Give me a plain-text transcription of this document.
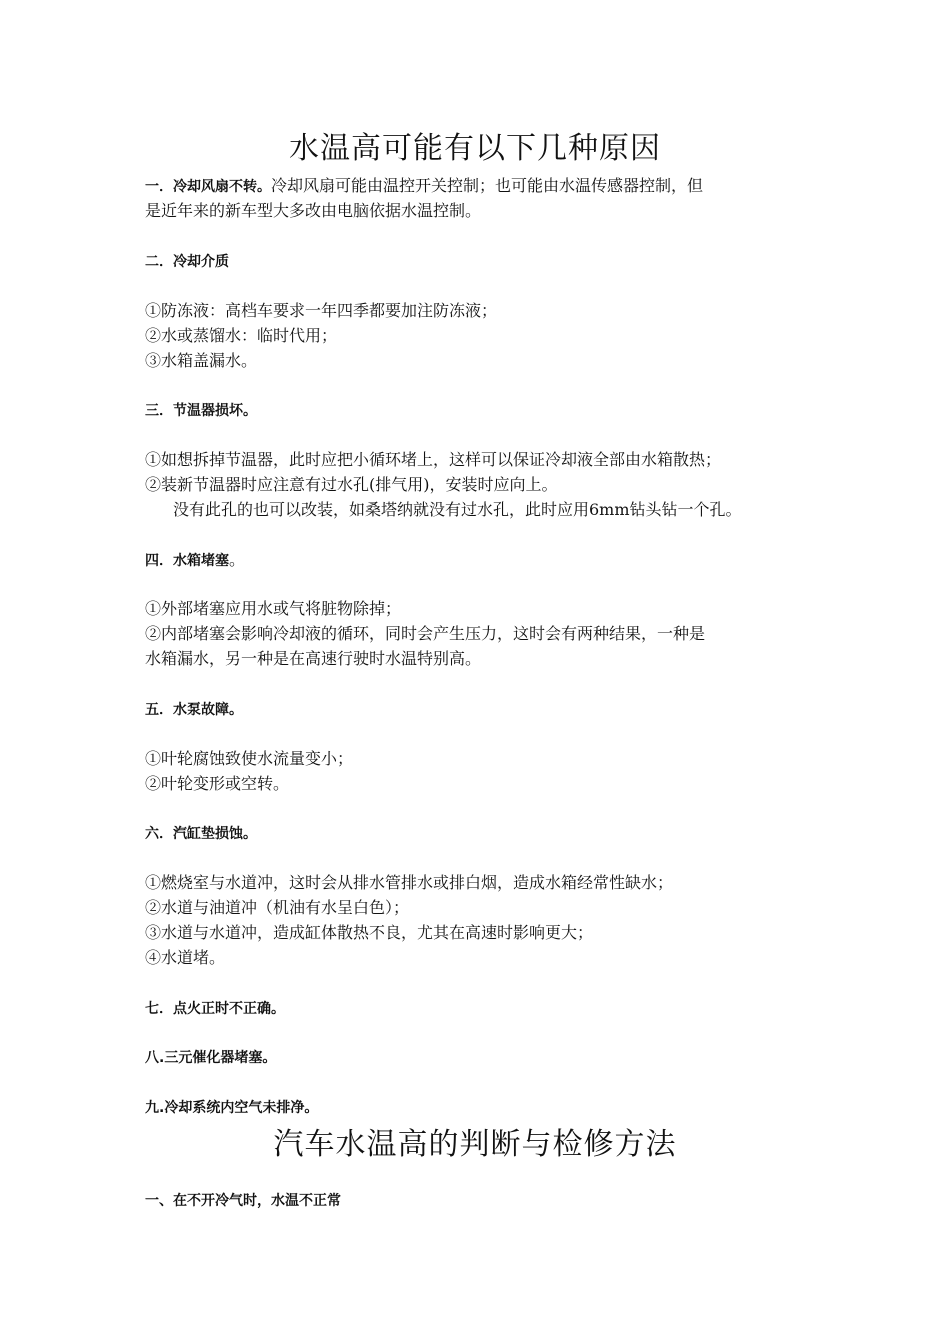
水温高可能有以下几种原因
一．冷却风扇不转。冷却风扇可能由温控开关控制；也可能由水温传感器控制，但
是近年来的新车型大多改由电脑依据水温控制。
二．冷却介质
①防冻液：高档车要求一年四季都要加注防冻液；
②水或蒸馏水：临时代用；
③水箱盖漏水。
三．节温器损坏。
①如想拆掉节温器，此时应把小循环堵上，这样可以保证冷却液全部由水箱散热；
②装新节温器时应注意有过水孔(排气用)，安装时应向上。
没有此孔的也可以改装，如桑塔纳就没有过水孔，此时应用6mm钻头钻一个孔。
四．水箱堵塞。
①外部堵塞应用水或气将脏物除掉；
②内部堵塞会影响冷却液的循环，同时会产生压力，这时会有两种结果，一种是
水箱漏水，另一种是在高速行驶时水温特别高。
五．水泵故障。
①叶轮腐蚀致使水流量变小；
②叶轮变形或空转。
六．汽缸垫损蚀。
①燃烧室与水道冲，这时会从排水管排水或排白烟，造成水箱经常性缺水；
②水道与油道冲（机油有水呈白色）；
③水道与水道冲，造成缸体散热不良，尤其在高速时影响更大；
④水道堵。
七．点火正时不正确。
八.三元催化器堵塞。
九.冷却系统内空气未排净。
汽车水温高的判断与检修方法
一、在不开冷气时，水温不正常
